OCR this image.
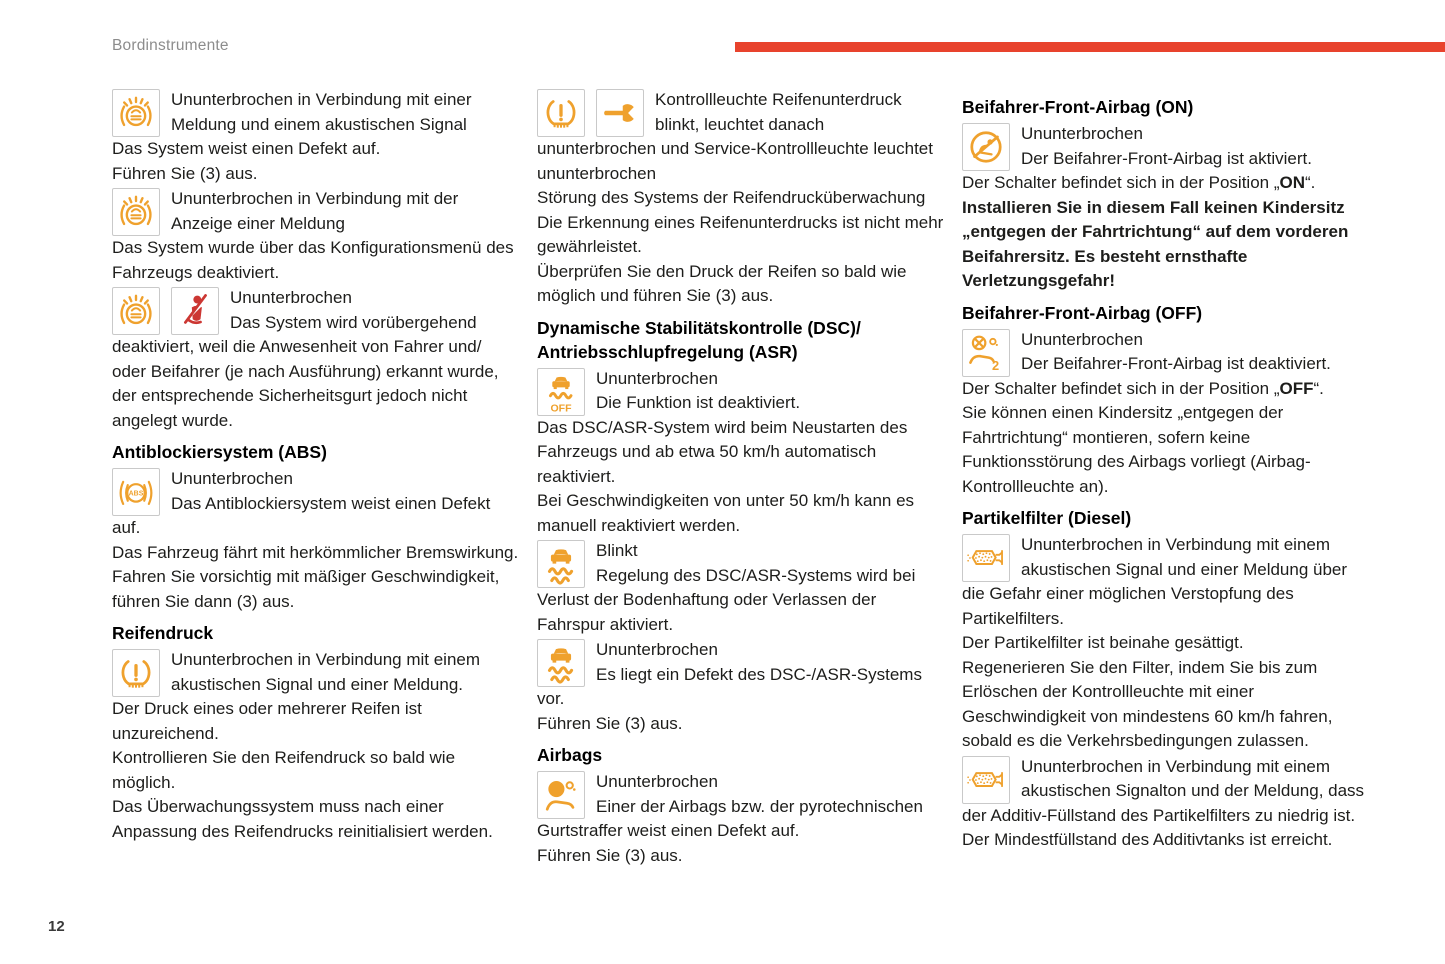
Bordinstrumente
Ununterbrochen in Verbindung mit einer Meldung und einem akustischen Signal
Das System weist einen Defekt auf.
Führen Sie (3) aus.
Ununterbrochen in Verbindung mit der Anzeige einer Meldung
Das System wurde über das Konfigurationsmenü des Fahrzeugs deaktiviert.
Ununterbrochen
Das System wird vorübergehend deaktiviert, weil die Anwesenheit von Fahrer und/ oder Beifahrer (je nach Ausführung) erkannt wurde, der entsprechende Sicherheitsgurt jedoch nicht angelegt wurde.
Antiblockiersystem (ABS)
Ununterbrochen
Das Antiblockiersystem weist einen Defekt auf.
Das Fahrzeug fährt mit herkömmlicher Bremswirkung.
Fahren Sie vorsichtig mit mäßiger Geschwindigkeit, führen Sie dann (3) aus.
Reifendruck
Ununterbrochen in Verbindung mit einem akustischen Signal und einer Meldung.
Der Druck eines oder mehrerer Reifen ist unzureichend.
Kontrollieren Sie den Reifendruck so bald wie möglich.
Das Überwachungssystem muss nach einer Anpassung des Reifendrucks reinitialisiert werden.
Kontrollleuchte Reifenunterdruck blinkt, leuchtet danach ununterbrochen und Service-Kontrollleuchte leuchtet ununterbrochen
Störung des Systems der Reifendrucküberwachung
Die Erkennung eines Reifenunterdrucks ist nicht mehr gewährleistet.
Überprüfen Sie den Druck der Reifen so bald wie möglich und führen Sie (3) aus.
Dynamische Stabilitätskontrolle (DSC)/ Antriebsschlupfregelung (ASR)
Ununterbrochen
Die Funktion ist deaktiviert.
Das DSC/ASR-System wird beim Neustarten des Fahrzeugs und ab etwa 50 km/h automatisch reaktiviert.
Bei Geschwindigkeiten von unter 50 km/h kann es manuell reaktiviert werden.
Blinkt
Regelung des DSC/ASR-Systems wird bei Verlust der Bodenhaftung oder Verlassen der Fahrspur aktiviert.
Ununterbrochen
Es liegt ein Defekt des DSC-/ASR-Systems vor.
Führen Sie (3) aus.
Airbags
Ununterbrochen
Einer der Airbags bzw. der pyrotechnischen Gurtstraffer weist einen Defekt auf.
Führen Sie (3) aus.
Beifahrer-Front-Airbag (ON)
Ununterbrochen
Der Beifahrer-Front-Airbag ist aktiviert.
Der Schalter befindet sich in der Position „ON“.
Installieren Sie in diesem Fall keinen Kindersitz „entgegen der Fahrtrichtung“ auf dem vorderen Beifahrersitz. Es besteht ernsthafte Verletzungsgefahr!
Beifahrer-Front-Airbag (OFF)
Ununterbrochen
Der Beifahrer-Front-Airbag ist deaktiviert.
Der Schalter befindet sich in der Position „OFF“.
Sie können einen Kindersitz „entgegen der Fahrtrichtung“ montieren, sofern keine Funktionsstörung des Airbags vorliegt (Airbag-Kontrollleuchte an).
Partikelfilter (Diesel)
Ununterbrochen in Verbindung mit einem akustischen Signal und einer Meldung über die Gefahr einer möglichen Verstopfung des Partikelfilters.
Der Partikelfilter ist beinahe gesättigt.
Regenerieren Sie den Filter, indem Sie bis zum Erlöschen der Kontrollleuchte mit einer Geschwindigkeit von mindestens 60 km/h fahren, sobald es die Verkehrsbedingungen zulassen.
Ununterbrochen in Verbindung mit einem akustischen Signalton und der Meldung, dass der Additiv-Füllstand des Partikelfilters zu niedrig ist.
Der Mindestfüllstand des Additivtanks ist erreicht.
12
